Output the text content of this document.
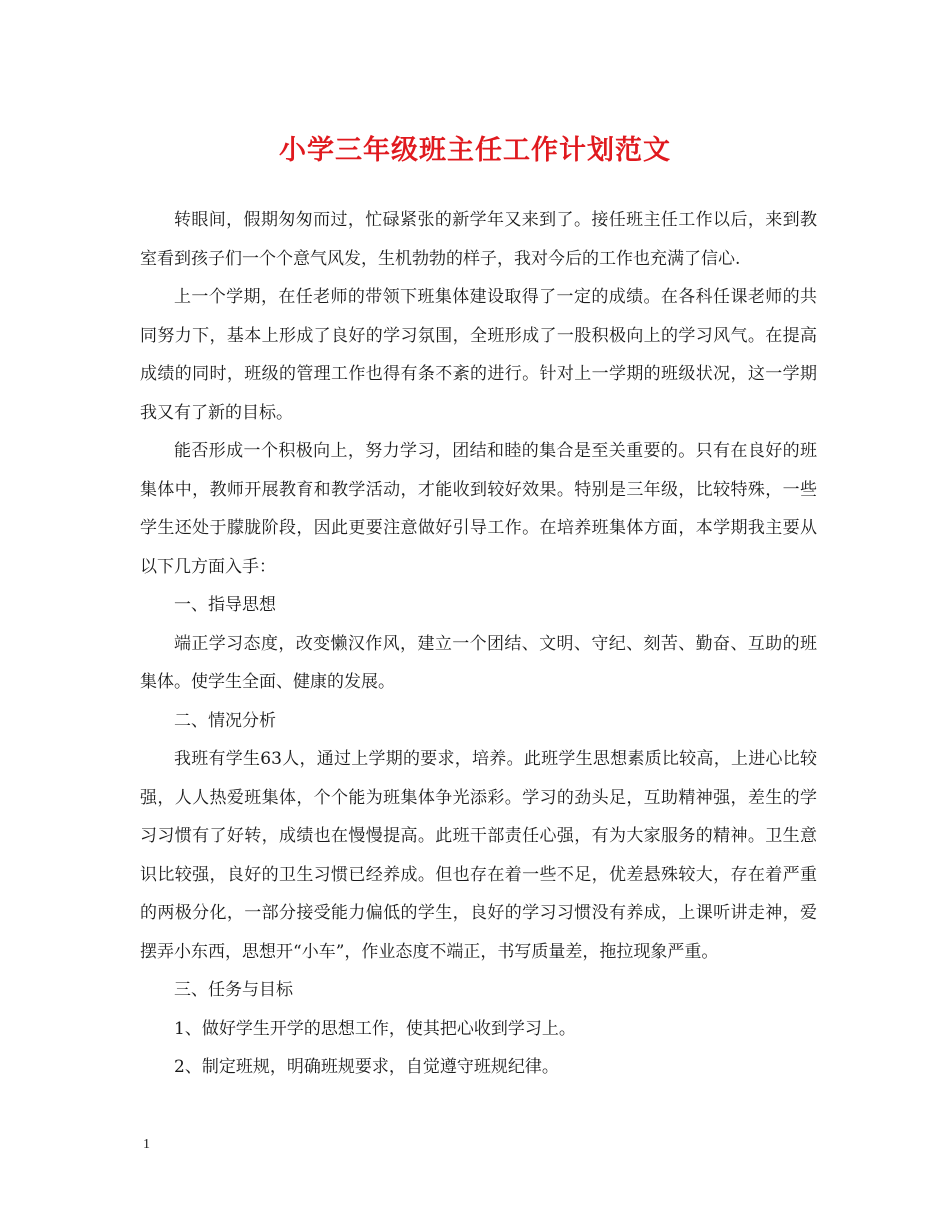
小学三年级班主任工作计划范文

转眼间，假期匆匆而过，忙碌紧张的新学年又来到了。接任班主任工作以后，来到教室看到孩子们一个个意气风发，生机勃勃的样子，我对今后的工作也充满了信心.

上一个学期，在任老师的带领下班集体建设取得了一定的成绩。在各科任课老师的共同努力下，基本上形成了良好的学习氛围，全班形成了一股积极向上的学习风气。在提高成绩的同时，班级的管理工作也得有条不紊的进行。针对上一学期的班级状况，这一学期我又有了新的目标。

能否形成一个积极向上，努力学习，团结和睦的集合是至关重要的。只有在良好的班集体中，教师开展教育和教学活动，才能收到较好效果。特别是三年级，比较特殊，一些学生还处于朦胧阶段，因此更要注意做好引导工作。在培养班集体方面，本学期我主要从以下几方面入手：

一、指导思想

端正学习态度，改变懒汉作风，建立一个团结、文明、守纪、刻苦、勤奋、互助的班集体。使学生全面、健康的发展。

二、情况分析

我班有学生63人，通过上学期的要求，培养。此班学生思想素质比较高，上进心比较强，人人热爱班集体，个个能为班集体争光添彩。学习的劲头足，互助精神强，差生的学习习惯有了好转，成绩也在慢慢提高。此班干部责任心强，有为大家服务的精神。卫生意识比较强，良好的卫生习惯已经养成。但也存在着一些不足，优差悬殊较大，存在着严重的两极分化，一部分接受能力偏低的学生，良好的学习习惯没有养成，上课听讲走神，爱摆弄小东西，思想开“小车”，作业态度不端正，书写质量差，拖拉现象严重。

三、任务与目标

1、做好学生开学的思想工作，使其把心收到学习上。

2、制定班规，明确班规要求，自觉遵守班规纪律。

1
